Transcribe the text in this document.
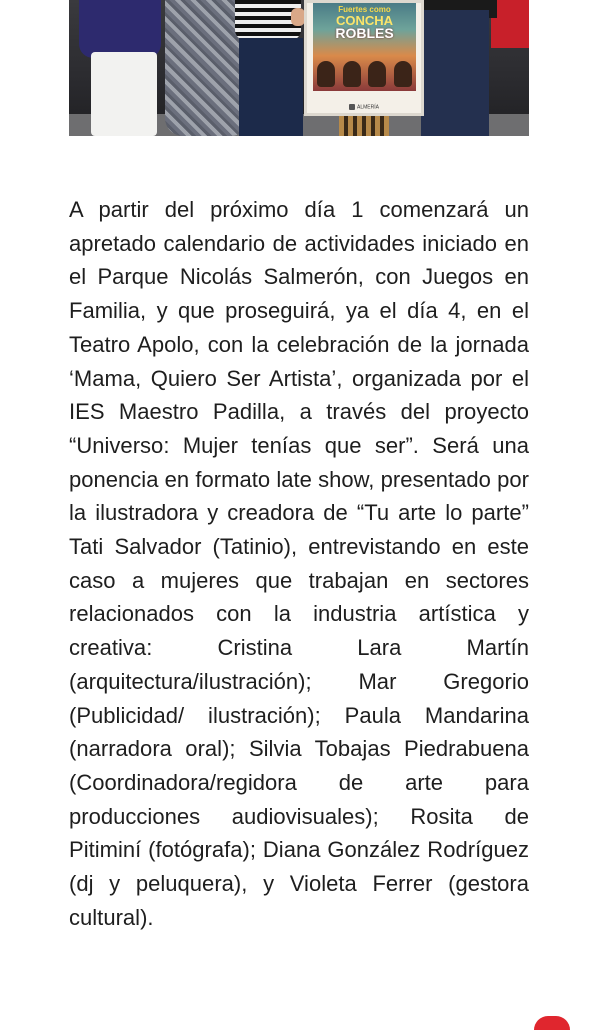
Fuertes como
CONCHA
ROBLES
ALMERÍA

A partir del próximo día 1 comenzará un apretado calendario de actividades iniciado en el Parque Nicolás Salmerón, con Juegos en Familia, y que proseguirá, ya el día 4, en el Teatro Apolo, con la celebración de la jornada ‘Mama, Quiero Ser Artista’, organizada por el IES Maestro Padilla, a través del proyecto “Universo: Mujer tenías que ser”. Será una ponencia en formato late show, presentado por la ilustradora y creadora de “Tu arte lo parte” Tati Salvador (Tatinio), entrevistando en este caso a mujeres que trabajan en sectores relacionados con la industria artística y creativa: Cristina Lara Martín (arquitectura/ilustración); Mar Gregorio (Publicidad/ ilustración); Paula Mandarina (narradora oral); Silvia Tobajas Piedrabuena (Coordinadora/regidora de arte para producciones audiovisuales); Rosita de Pitiminí (fotógrafa); Diana González Rodríguez (dj y peluquera), y Violeta Ferrer (gestora cultural).
